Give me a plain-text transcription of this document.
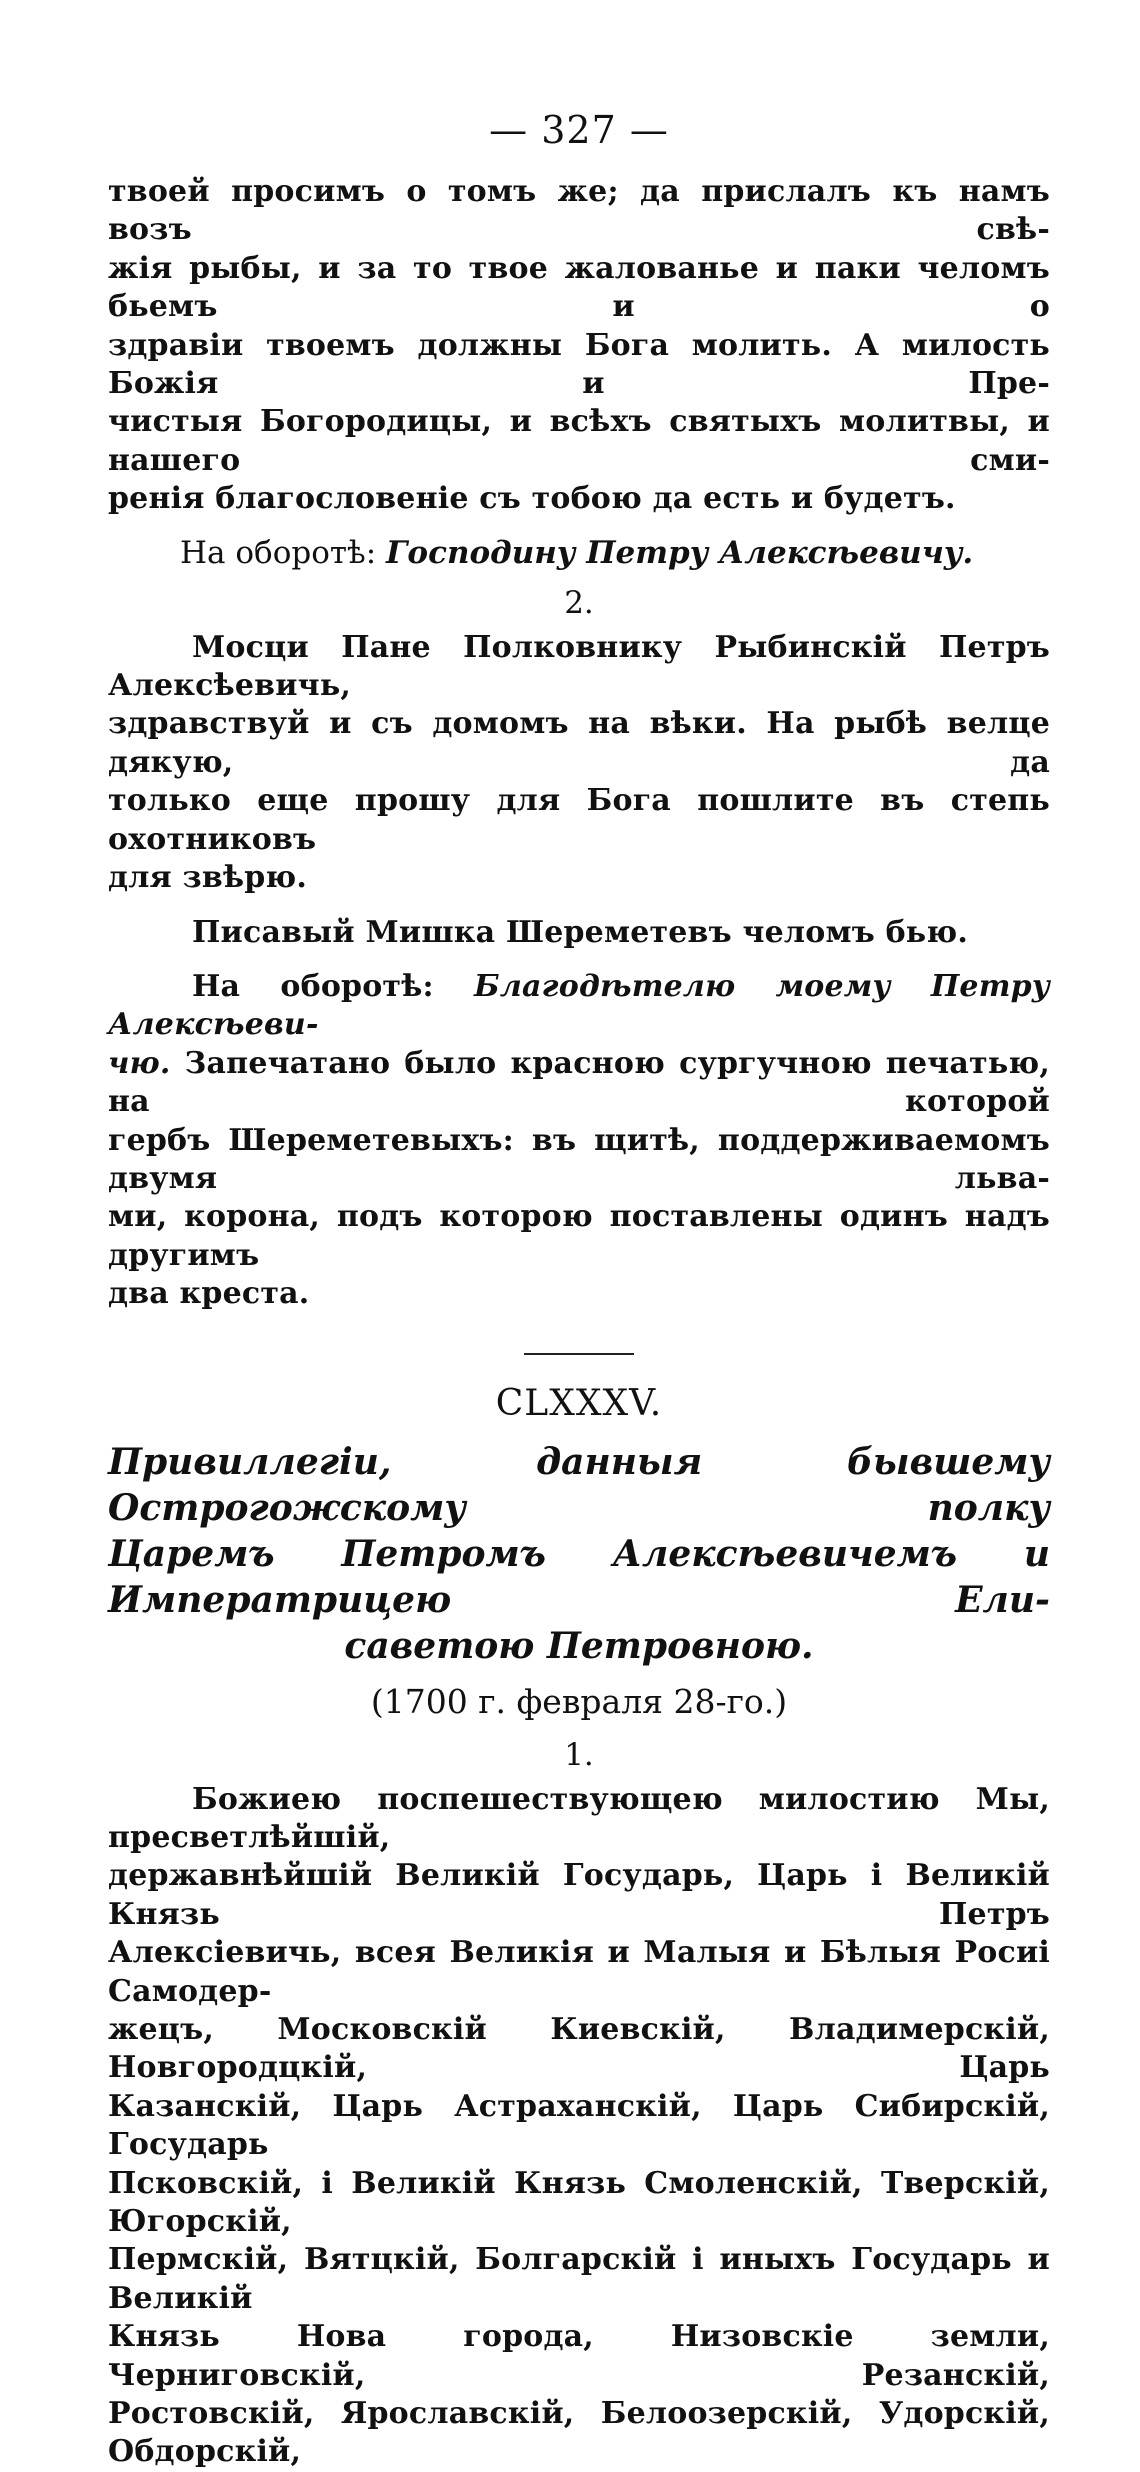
— 327 —
твоей просимъ о томъ же; да прислалъ къ намъ возъ свѣ-
жія рыбы, и за то твое жалованье и паки челомъ бьемъ и о
здравіи твоемъ должны Бога молить. А милость Божія и Пре-
чистыя Богородицы, и всѣхъ святыхъ молитвы, и нашего сми-
ренія благословеніе съ тобою да есть и будетъ.
На оборотѣ: Господину Петру Алексѣевичу.
2.
Мосци Пане Полковнику Рыбинскій Петръ Алексѣевичь,
здравствуй и съ домомъ на вѣки. На рыбѣ велце дякую, да
только еще прошу для Бога пошлите въ степь охотниковъ
для звѣрю.
Писавый Мишка Шереметевъ челомъ бью.
На оборотѣ: Благодѣтелю моему Петру Алексѣеви-
чю. Запечатано было красною сургучною печатью, на которой
гербъ Шереметевыхъ: въ щитѣ, поддерживаемомъ двумя льва-
ми, корона, подъ которою поставлены одинъ надъ другимъ
два креста.
CLXXXV.
Привиллегіи, данныя бывшему Острогожскому полку
Царемъ Петромъ Алексѣевичемъ и Императрицею Ели-
саветою Петровною.
(1700 г. февраля 28-го.)
1.
Божиею поспешествующею милостию Мы, пресветлѣйшій,
державнѣйшій Великій Государь, Царь і Великій Князь Петръ
Алексіевичь, всея Великія и Малыя и Бѣлыя Росиі Самодер-
жецъ, Московскій Киевскій, Владимерскій, Новгородцкій, Царь
Казанскій, Царь Астраханскій, Царь Сибирскій, Государь
Псковскій, і Великій Князь Смоленскій, Тверскій, Югорскій,
Пермскій, Вятцкій, Болгарскій і иныхъ Государь и Великій
Князь Нова города, Низовскіе земли, Черниговскій, Резанскій,
Ростовскій, Ярославскій, Белоозерскій, Удорскій, Обдорскій,
